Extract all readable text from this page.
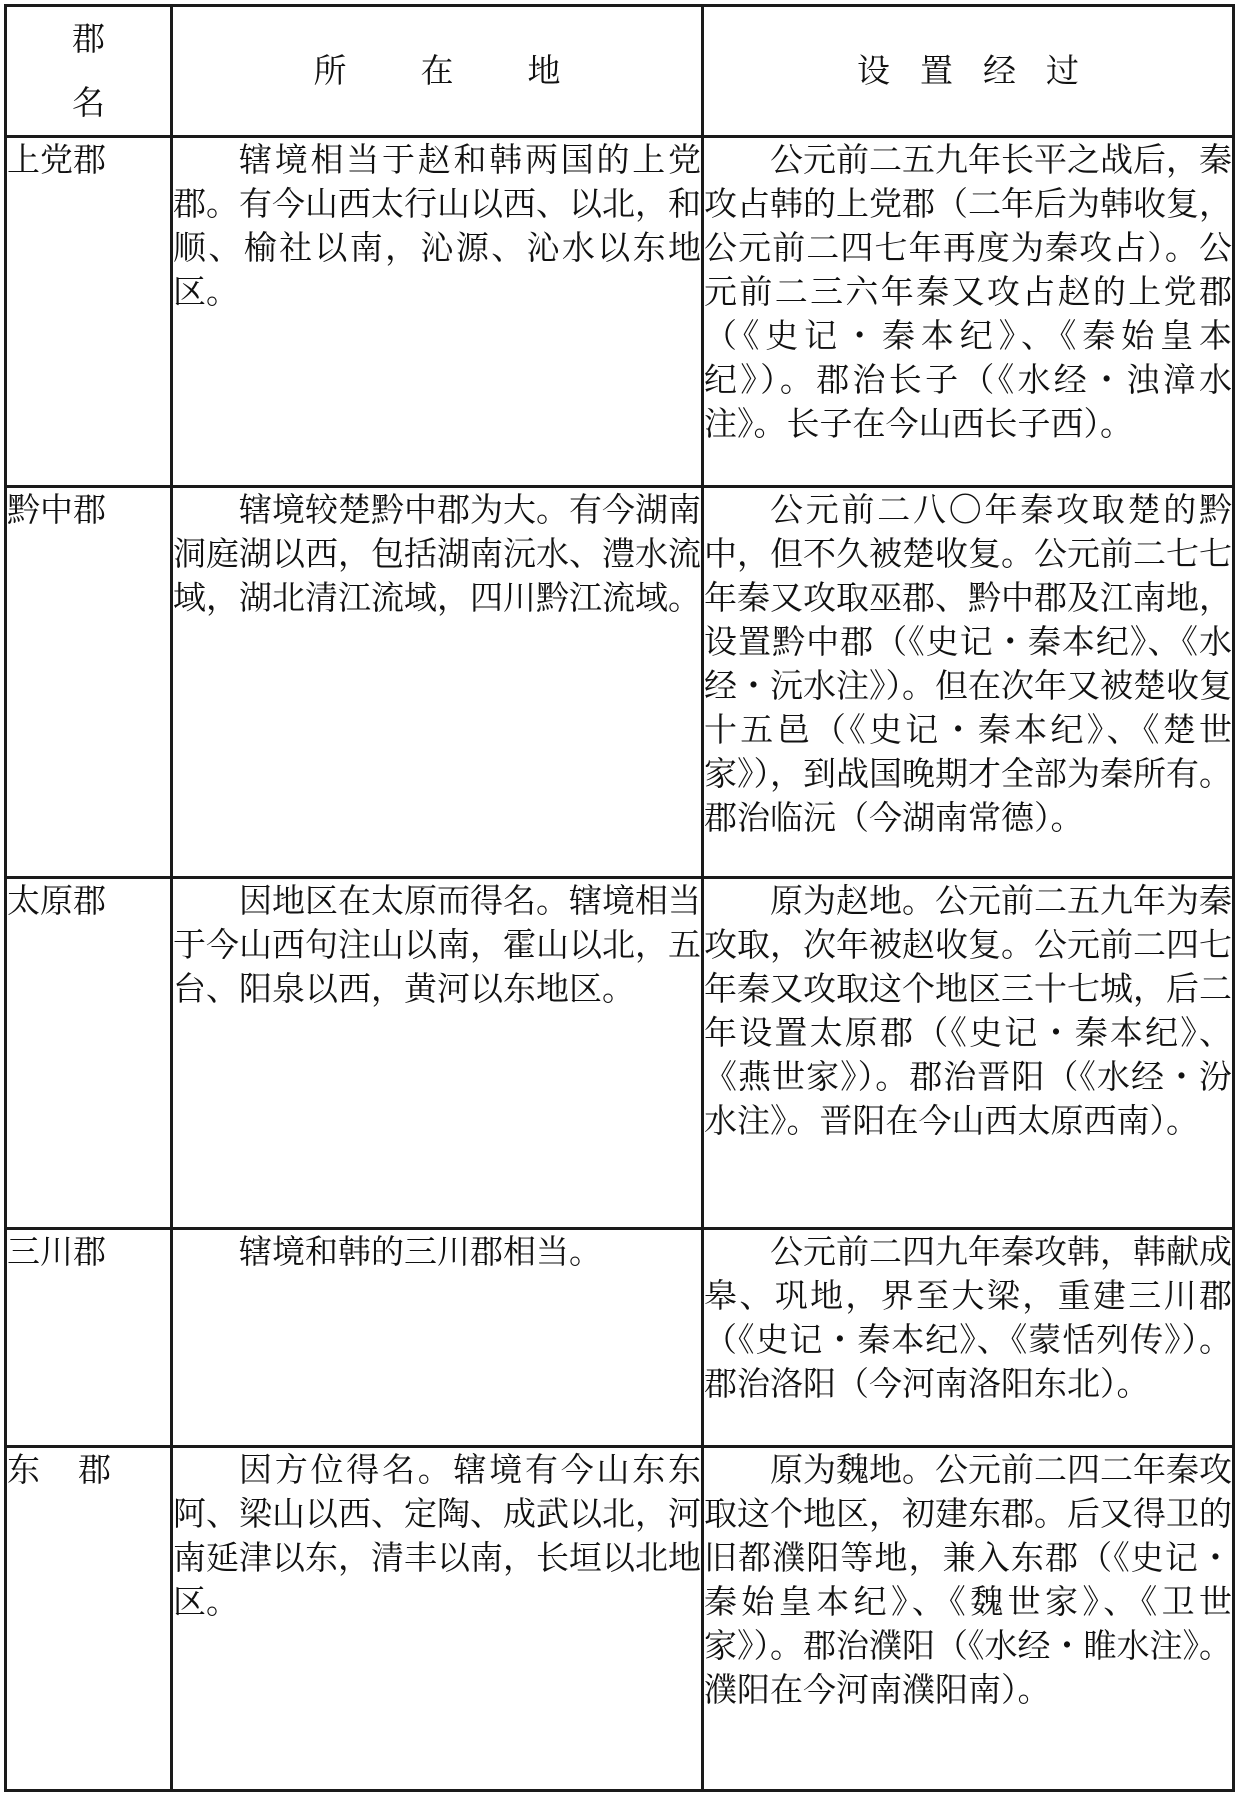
郡名	所在地	设置经过

上党郡	辖境相当于赵和韩两国的上党郡。有今山西太行山以西、以北，和顺、榆社以南，沁源、沁水以东地区。	公元前二五九年长平之战后，秦攻占韩的上党郡（二年后为韩收复，公元前二四七年再度为秦攻占）。公元前二三六年秦又攻占赵的上党郡（《史记・秦本纪》、《秦始皇本纪》）。郡治长子（《水经・浊漳水注》。长子在今山西长子西）。

黔中郡	辖境较楚黔中郡为大。有今湖南洞庭湖以西，包括湖南沅水、澧水流域，湖北清江流域，四川黔江流域。	公元前二八〇年秦攻取楚的黔中，但不久被楚收复。公元前二七七年秦又攻取巫郡、黔中郡及江南地，设置黔中郡（《史记・秦本纪》、《水经・沅水注》）。但在次年又被楚收复十五邑（《史记・秦本纪》、《楚世家》），到战国晚期才全部为秦所有。郡治临沅（今湖南常德）。

太原郡	因地区在太原而得名。辖境相当于今山西句注山以南，霍山以北，五台、阳泉以西，黄河以东地区。	原为赵地。公元前二五九年为秦攻取，次年被赵收复。公元前二四七年秦又攻取这个地区三十七城，后二年设置太原郡（《史记・秦本纪》、《燕世家》）。郡治晋阳（《水经・汾水注》。晋阳在今山西太原西南）。

三川郡	辖境和韩的三川郡相当。	公元前二四九年秦攻韩，韩献成皋、巩地，界至大梁，重建三川郡（《史记・秦本纪》、《蒙恬列传》）。郡治洛阳（今河南洛阳东北）。

东郡	因方位得名。辖境有今山东东阿、梁山以西、定陶、成武以北，河南延津以东，清丰以南，长垣以北地区。	原为魏地。公元前二四二年秦攻取这个地区，初建东郡。后又得卫的旧都濮阳等地，兼入东郡（《史记・秦始皇本纪》、《魏世家》、《卫世家》）。郡治濮阳（《水经・睢水注》。濮阳在今河南濮阳南）。
